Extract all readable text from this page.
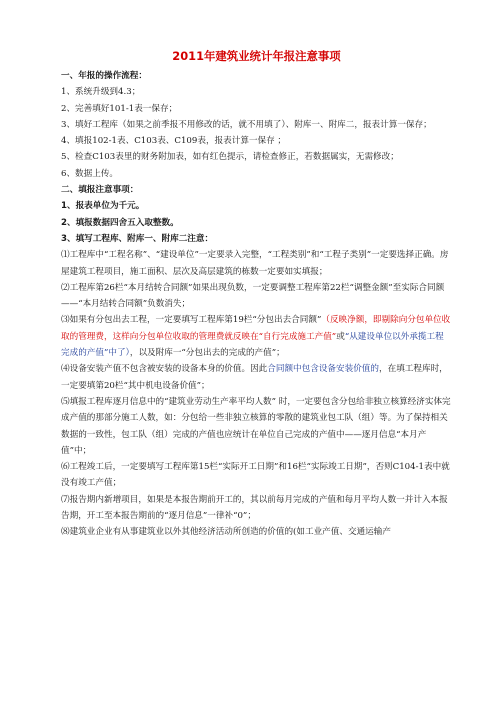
2011年建筑业统计年报注意事项
一、年报的操作流程：
1、系统升级到4.3；
2、完善填好101-1表一保存；
3、填好工程库（如果之前季报不用修改的话，就不用填了）、附库一、附库二，报表计算一保存；
4、填报102-1表、C103表、C109表，报表计算一保存 ；
5、检查C103表里的财务附加表，如有红色提示，请检查修正，若数据属实，无需修改；
6、数据上传。
二、填报注意事项：
1、报表单位为千元。
2、填报数据四舍五入取整数。
3、填写工程库、附库一、附库二注意：
⑴工程库中“工程名称”、“建设单位”一定要录入完整，“工程类别”和“工程子类别”一定要选择正确。房屋建筑工程项目，施工面积、层次及高层建筑的栋数一定要如实填报；
⑵工程库第26栏“本月结转合同额”如果出现负数，一定要调整工程库第22栏“调整金额”至实际合同额——“本月结转合同额”负数消失；
⑶如果有分包出去工程，一定要填写工程库第19栏“分包出去合同额”（反映净额，即剔除向分包单位收取的管理费，这样向分包单位收取的管理费就反映在“自行完成施工产值”或“从建设单位以外承揽工程完成的产值”中了），以及附库一“分包出去的完成的产值”；
⑷设备安装产值不包含被安装的设备本身的价值。因此合同额中包含设备安装价值的，在填工程库时，一定要填第20栏“其中机电设备价值”；
⑸填报工程库逐月信息中的“建筑业劳动生产率平均人数” 时，一定要包含分包给非独立核算经济实体完成产值的那部分施工人数，如：分包给一些非独立核算的零散的建筑业包工队（组）等。为了保持相关数据的一致性，包工队（组）完成的产值也应统计在单位自己完成的产值中——逐月信息“本月产值”中；
⑹工程竣工后，一定要填写工程库第15栏“实际开工日期”和16栏“实际竣工日期”，否则C104-1表中就没有竣工产值；
⑺报告期内新增项目，如果是本报告期前开工的，其以前每月完成的产值和每月平均人数一并计入本报告期，开工至本报告期前的“逐月信息”一律补“0”；
⑻建筑业企业有从事建筑业以外其他经济活动所创造的价值的(如工业产值、交通运输产
